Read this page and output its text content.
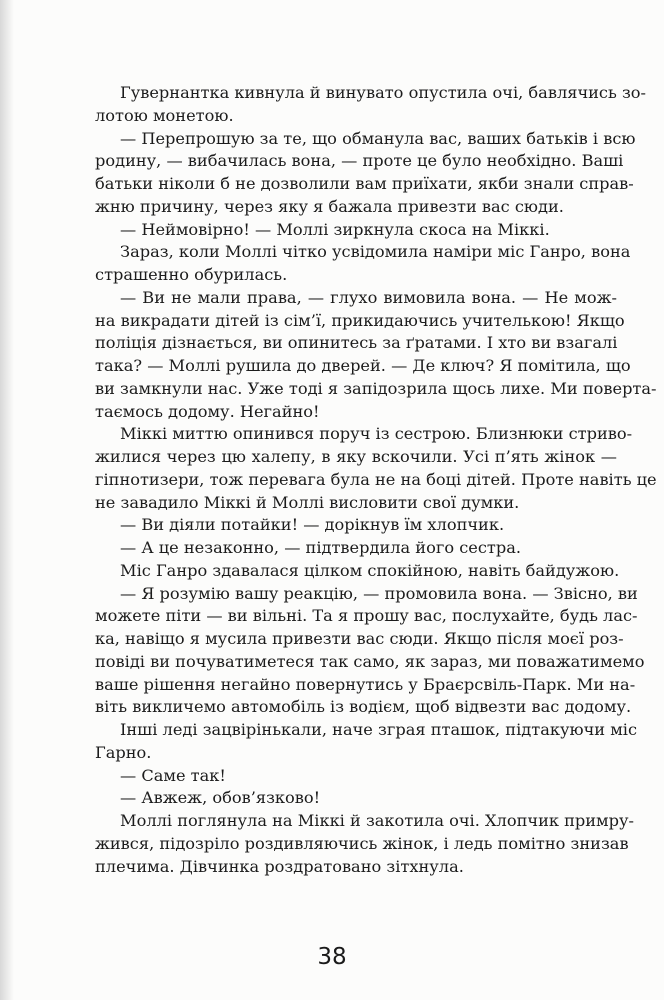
Гувернантка кивнула й винувато опустила очі, бавлячись зо-
лотою монетою.
— Перепрошую за те, що обманула вас, ваших батьків і всю
родину, — вибачилась вона, — проте це було необхідно. Ваші
батьки ніколи б не дозволили вам приїхати, якби знали справ-
жню причину, через яку я бажала привезти вас сюди.
— Неймовірно! — Моллі зиркнула скоса на Міккі.
Зараз, коли Моллі чітко усвідомила наміри міс Ганро, вона
страшенно обурилась.
— Ви не мали права, — глухо вимовила вона. — Не мож-
на викрадати дітей із сім’ї, прикидаючись учителькою! Якщо
поліція дізнається, ви опинитесь за ґратами. І хто ви взагалі
така? — Моллі рушила до дверей. — Де ключ? Я помітила, що
ви замкнули нас. Уже тоді я запідозрила щось лихе. Ми поверта-
таємось додому. Негайно!
Міккі миттю опинився поруч із сестрою. Близнюки стриво-
жилися через цю халепу, в яку вскочили. Усі п’ять жінок —
гіпнотизери, тож перевага була не на боці дітей. Проте навіть це
не завадило Міккі й Моллі висловити свої думки.
— Ви діяли потайки! — дорікнув їм хлопчик.
— А це незаконно, — підтвердила його сестра.
Міс Ганро здавалася цілком спокійною, навіть байдужою.
— Я розумію вашу реакцію, — промовила вона. — Звісно, ви
можете піти — ви вільні. Та я прошу вас, послухайте, будь лас-
ка, навіщо я мусила привезти вас сюди. Якщо після моєї роз-
повіді ви почуватиметеся так само, як зараз, ми поважатимемо
ваше рішення негайно повернутись у Браєрсвіль-Парк. Ми на-
віть викличемо автомобіль із водієм, щоб відвезти вас додому.
Інші леді зацвірінькали, наче зграя пташок, підтакуючи міс
Гарно.
— Саме так!
— Авжеж, обов’язково!
Моллі поглянула на Міккі й закотила очі. Хлопчик примру-
жився, підозріло роздивляючись жінок, і ледь помітно знизав
плечима. Дівчинка роздратовано зітхнула.
38
